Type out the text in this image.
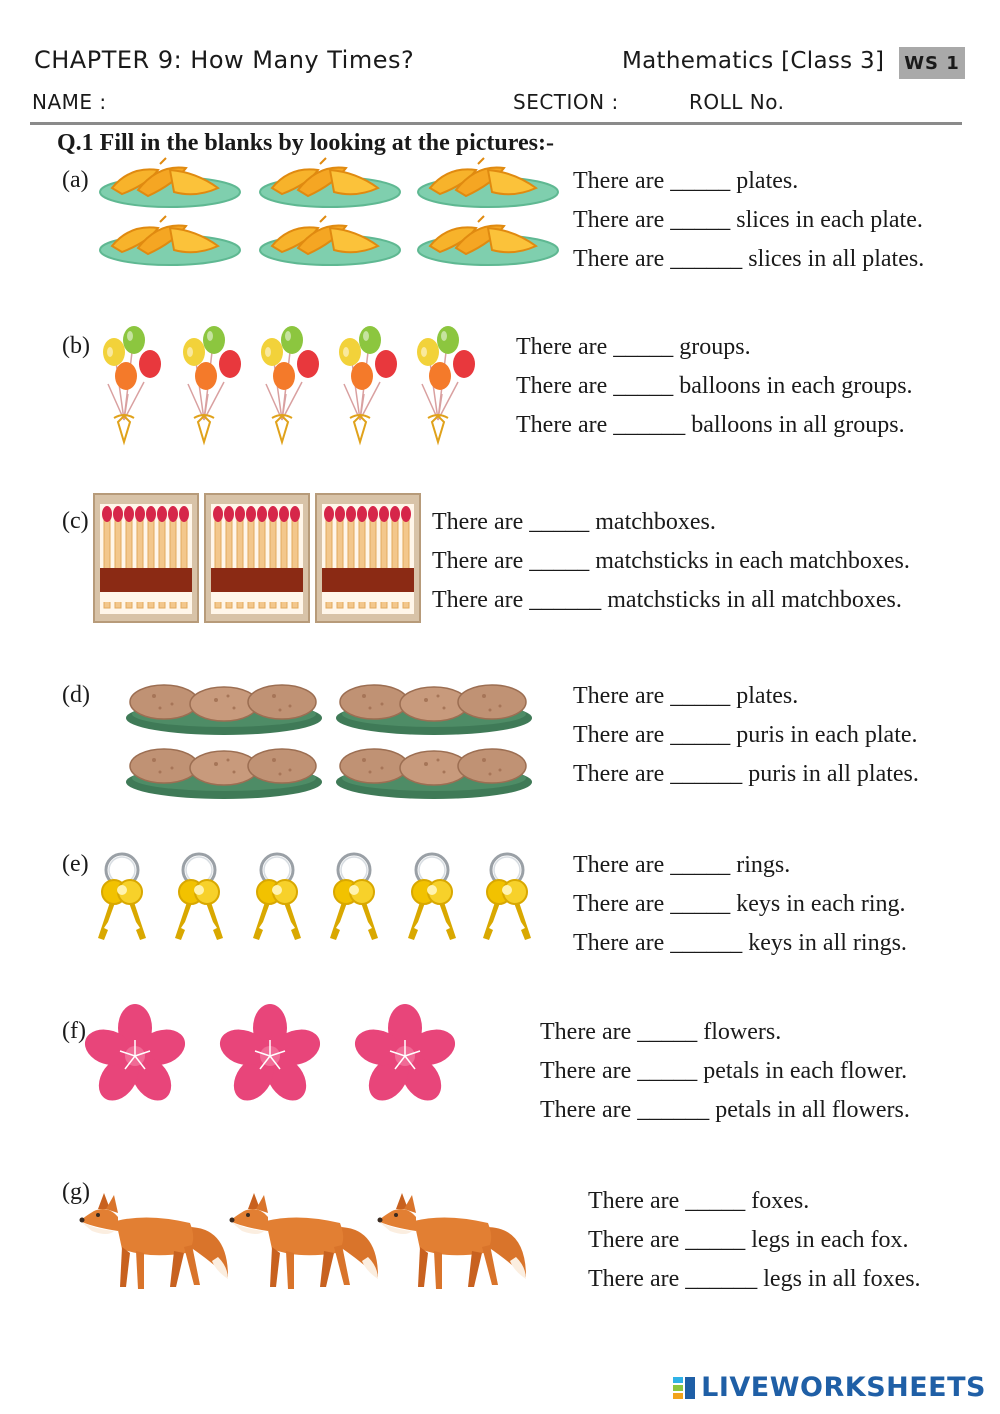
CHAPTER 9: How Many Times?	Mathematics [Class 3] WS 1
NAME :	SECTION :	ROLL No.
Q.1 Fill in the blanks by looking at the pictures:-
(a)	There are _____ plates.
There are _____ slices in each plate.
There are ______ slices in all plates.
(b)	There are _____ groups.
There are _____ balloons in each groups.
There are ______ balloons in all groups.
(c)	There are _____ matchboxes.
There are _____ matchsticks in each matchboxes.
There are ______ matchsticks in all matchboxes.
(d)	There are _____ plates.
There are _____ puris in each plate.
There are ______ puris in all plates.
(e)	There are _____ rings.
There are _____ keys in each ring.
There are ______ keys in all rings.
(f)	There are _____ flowers.
There are _____ petals in each flower.
There are ______ petals in all flowers.
(g)	There are _____ foxes.
There are _____ legs in each fox.
There are ______ legs in all foxes.
LIVEWORKSHEETS
